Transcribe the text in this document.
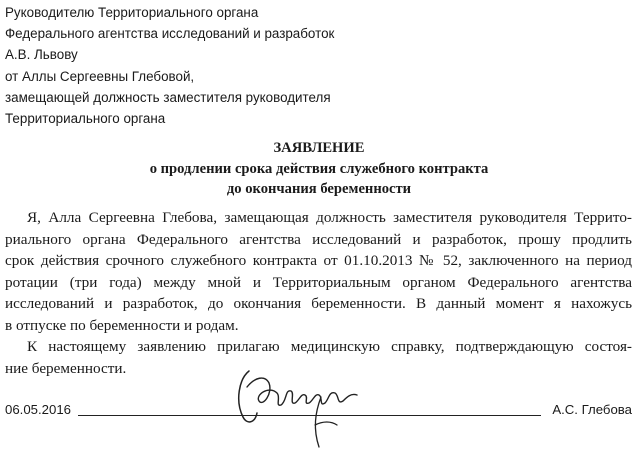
Руководителю Территориального органа
Федерального агентства исследований и разработок
А.В. Львову
от Аллы Сергеевны Глебовой,
замещающей должность заместителя руководителя
Территориального органа
ЗАЯВЛЕНИЕ
о продлении срока действия служебного контракта
до окончания беременности
Я, Алла Сергеевна Глебова, замещающая должность заместителя руководителя Террито-
риального органа Федерального агентства исследований и разработок, прошу продлить
срок действия срочного служебного контракта от 01.10.2013 № 52, заключенного на период
ротации (три года) между мной и Территориальным органом Федерального агентства
исследований и разработок, до окончания беременности. В данный момент я нахожусь
в отпуске по беременности и родам.
К настоящему заявлению прилагаю медицинскую справку, подтверждающую состоя-
ние беременности.
06.05.2016	А.С. Глебова
